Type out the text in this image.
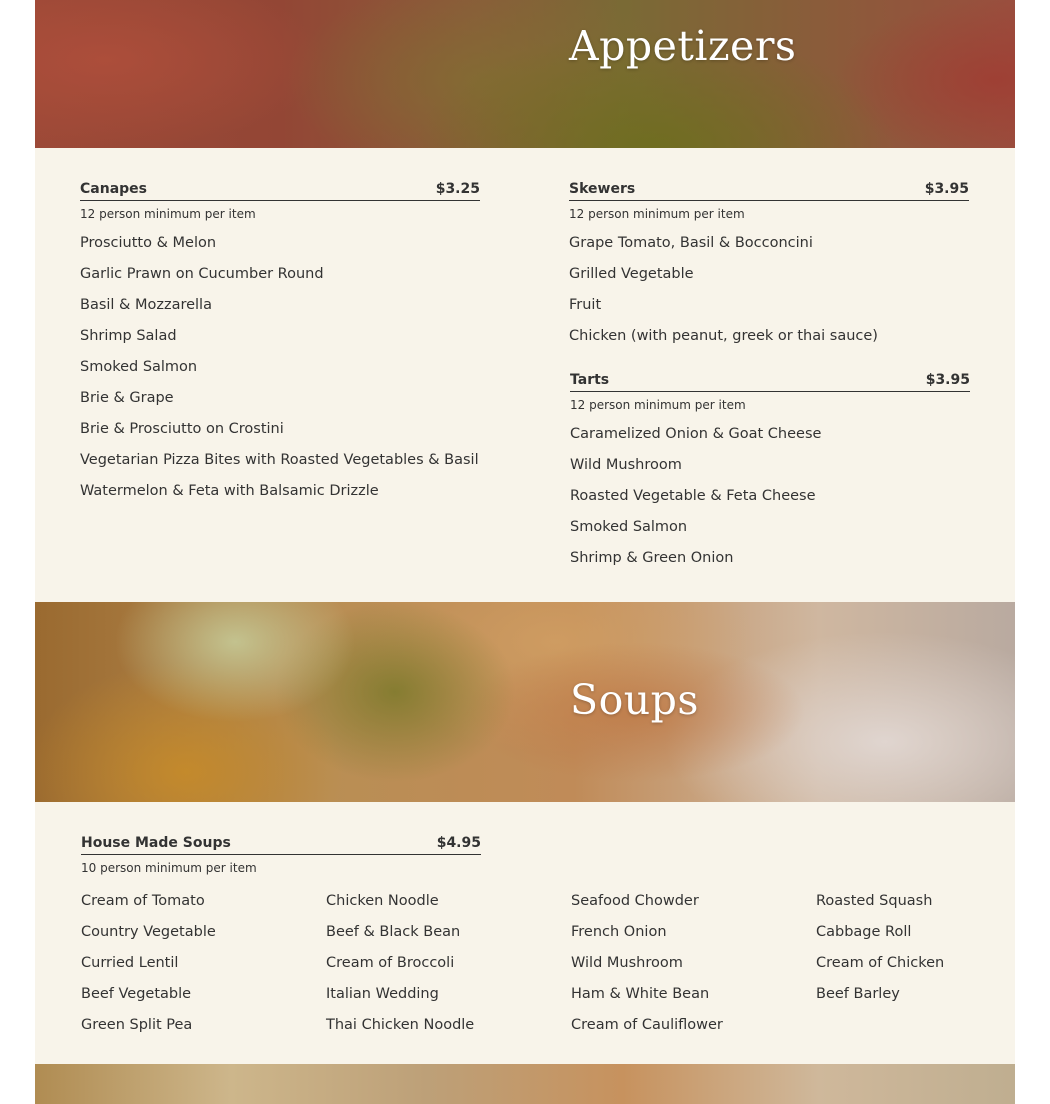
Appetizers
Canapes	$3.25
12 person minimum per item
Prosciutto & Melon
Garlic Prawn on Cucumber Round
Basil & Mozzarella
Shrimp Salad
Smoked Salmon
Brie & Grape
Brie & Prosciutto on Crostini
Vegetarian Pizza Bites with Roasted Vegetables & Basil
Watermelon & Feta with Balsamic Drizzle
Skewers	$3.95
12 person minimum per item
Grape Tomato, Basil & Bocconcini
Grilled Vegetable
Fruit
Chicken (with peanut, greek or thai sauce)
Tarts	$3.95
12 person minimum per item
Caramelized Onion & Goat Cheese
Wild Mushroom
Roasted Vegetable & Feta Cheese
Smoked Salmon
Shrimp & Green Onion
Soups
House Made Soups	$4.95
10 person minimum per item
Cream of Tomato
Country Vegetable
Curried Lentil
Beef Vegetable
Green Split Pea
Chicken Noodle
Beef & Black Bean
Cream of Broccoli
Italian Wedding
Thai Chicken Noodle
Seafood Chowder
French Onion
Wild Mushroom
Ham & White Bean
Cream of Cauliflower
Roasted Squash
Cabbage Roll
Cream of Chicken
Beef Barley
